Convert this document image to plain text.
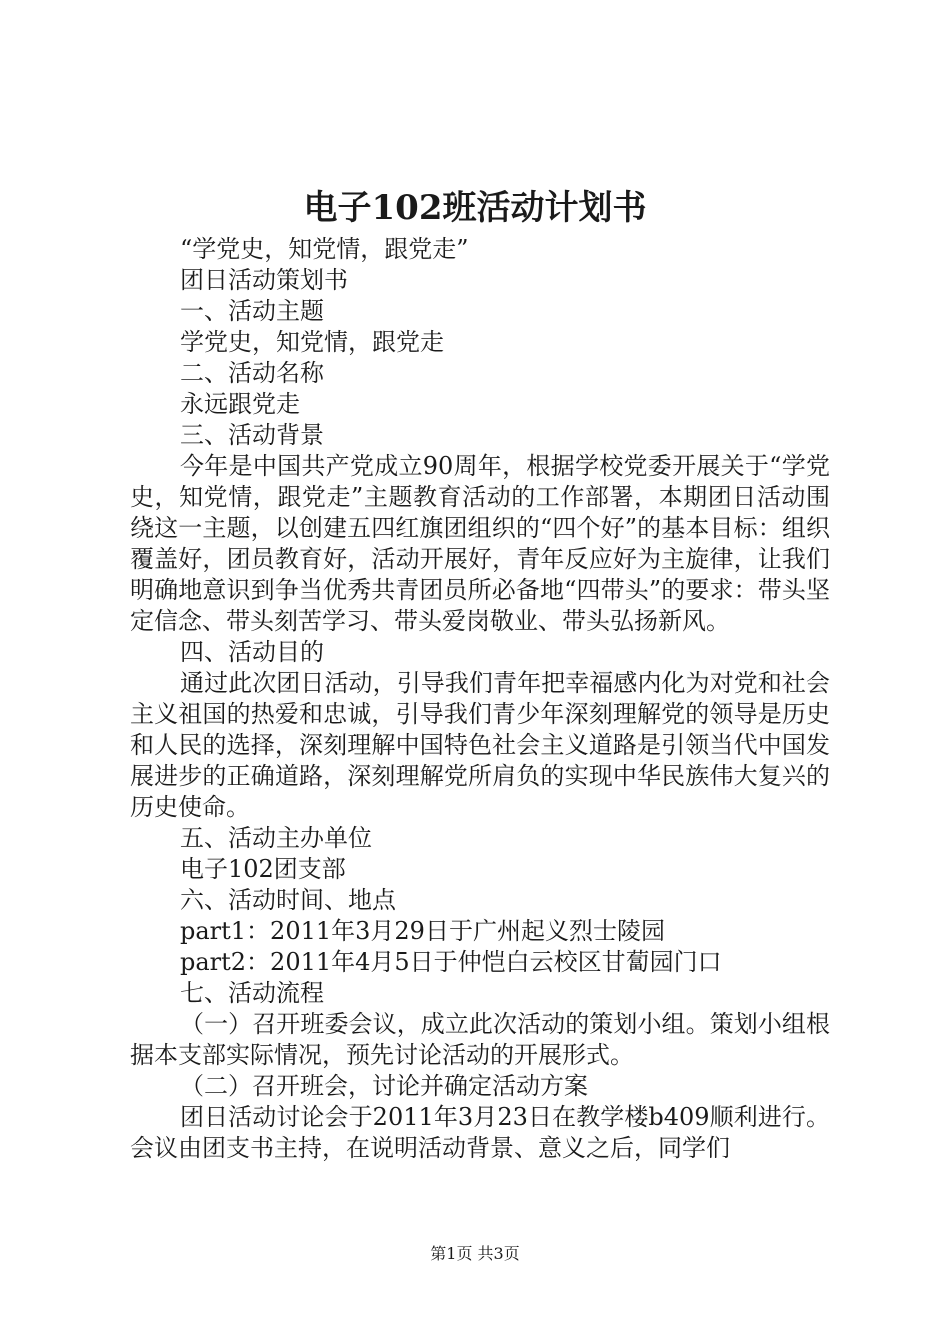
电子102班活动计划书
“学党史，知党情，跟党走”
团日活动策划书
一、活动主题
学党史，知党情，跟党走
二、活动名称
永远跟党走
三、活动背景
今年是中国共产党成立90周年，根据学校党委开展关于“学党史，知党情，跟党走”主题教育活动的工作部署，本期团日活动围绕这一主题，以创建五四红旗团组织的“四个好”的基本目标：组织覆盖好，团员教育好，活动开展好，青年反应好为主旋律，让我们明确地意识到争当优秀共青团员所必备地“四带头”的要求：带头坚定信念、带头刻苦学习、带头爱岗敬业、带头弘扬新风。
四、活动目的
通过此次团日活动，引导我们青年把幸福感内化为对党和社会主义祖国的热爱和忠诚，引导我们青少年深刻理解党的领导是历史和人民的选择，深刻理解中国特色社会主义道路是引领当代中国发展进步的正确道路，深刻理解党所肩负的实现中华民族伟大复兴的历史使命。
五、活动主办单位
电子102团支部
六、活动时间、地点
part1：2011年3月29日于广州起义烈士陵园
part2：2011年4月5日于仲恺白云校区甘蔔园门口
七、活动流程
（一）召开班委会议，成立此次活动的策划小组。策划小组根据本支部实际情况，预先讨论活动的开展形式。
（二）召开班会，讨论并确定活动方案
团日活动讨论会于2011年3月23日在教学楼b409顺利进行。会议由团支书主持，在说明活动背景、意义之后，同学们
第1页 共3页
